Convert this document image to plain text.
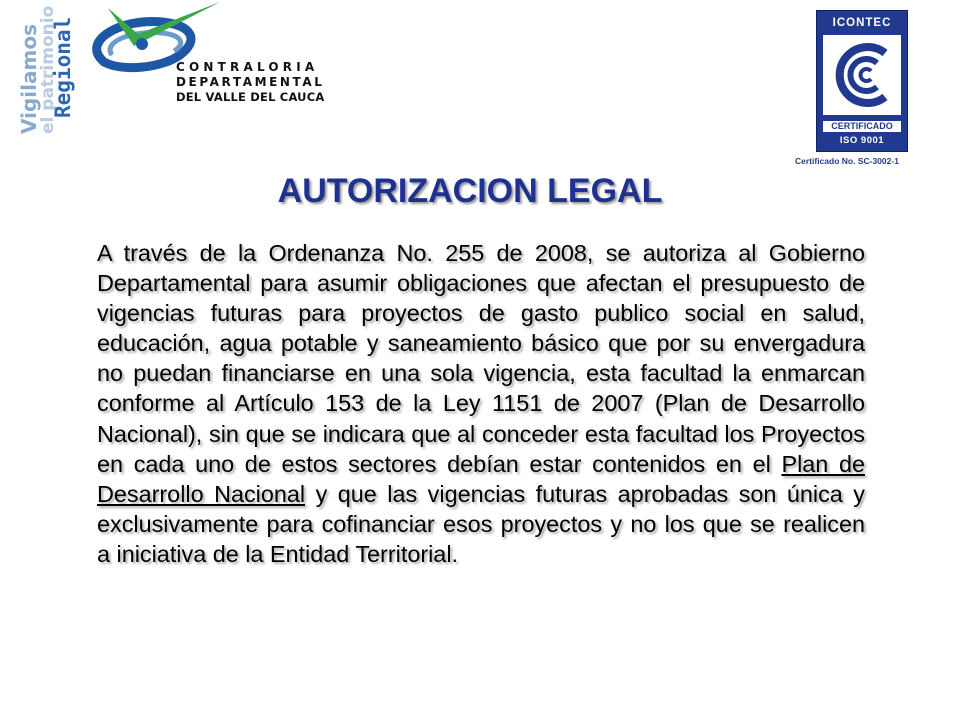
Vigilamos
el patrimonio
Regional	CONTRALORIA
DEPARTAMENTAL
DEL VALLE DEL CAUCA
ICONTEC
CERTIFICADO
ISO 9001
Certificado No. SC-3002-1
AUTORIZACION LEGAL
A través de la Ordenanza No. 255 de 2008, se autoriza al Gobierno Departamental para asumir obligaciones que afectan el presupuesto de vigencias futuras para proyectos de gasto publico social en salud, educación, agua potable y saneamiento básico que por su envergadura no puedan financiarse en una sola vigencia, esta facultad la enmarcan conforme al Artículo 153 de la Ley 1151 de 2007 (Plan de Desarrollo Nacional), sin que se indicara que al conceder esta facultad los Proyectos en cada uno de estos sectores debían estar contenidos en el Plan de Desarrollo Nacional y que las vigencias futuras aprobadas son única y exclusivamente para cofinanciar esos proyectos y no los que se realicen a iniciativa de la Entidad Territorial.
